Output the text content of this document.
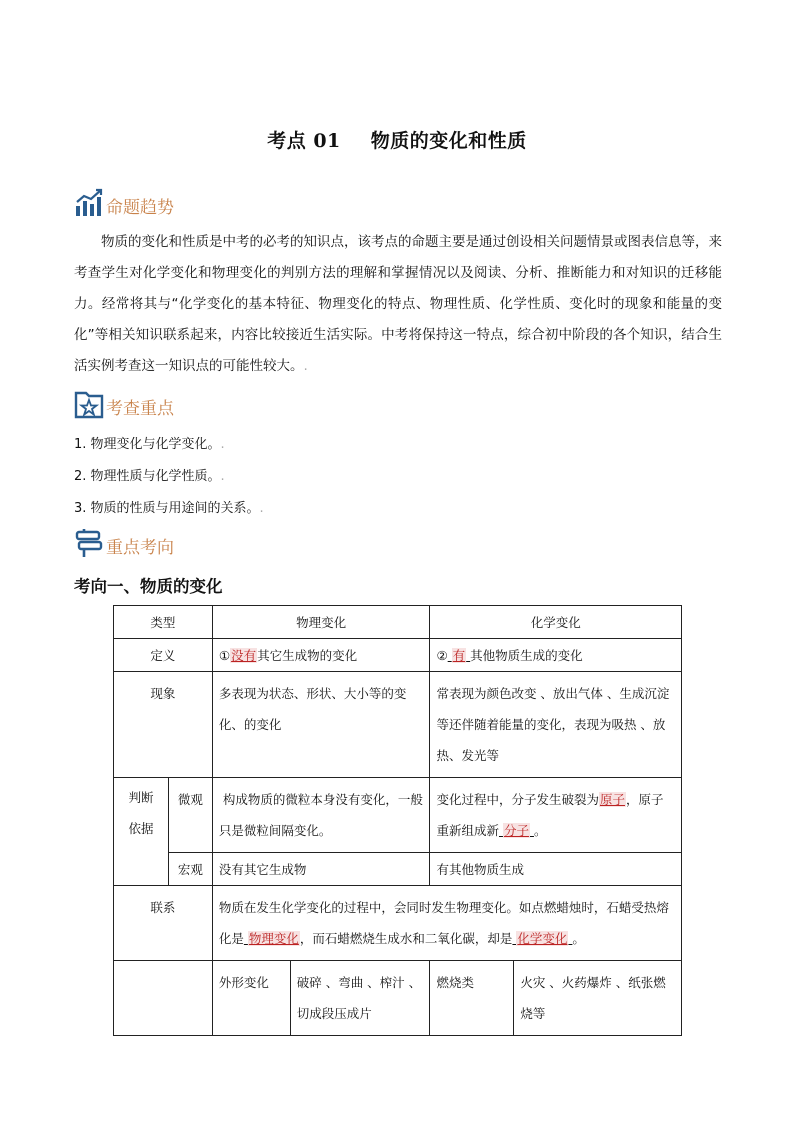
考点 01 物质的变化和性质
命题趋势
物质的变化和性质是中考的必考的知识点，该考点的命题主要是通过创设相关问题情景或图表信息等，来考查学生对化学变化和物理变化的判别方法的理解和掌握情况以及阅读、分析、推断能力和对知识的迁移能力。经常将其与“化学变化的基本特征、物理变化的特点、物理性质、化学性质、变化时的现象和能量的变化”等相关知识联系起来，内容比较接近生活实际。中考将保持这一特点，综合初中阶段的各个知识，结合生活实例考查这一知识点的可能性较大。.
考查重点
1. 物理变化与化学变化。.
2. 物理性质与化学性质。.
3. 物质的性质与用途间的关系。.
重点考向
考向一、物质的变化
类型		物理变化		化学变化	
定义		①没有其它生成物的变化		② 有 其他物质生成的变化	
现象		多表现为状态、形状、大小等的变化、的变化		常表现为颜色改变 、放出气体 、生成沉淀等还伴随着能量的变化，表现为吸热 、放热、发光等	
判断
依据	微观	构成物质的微粒本身没有变化，一般只是微粒间隔变化。		变化过程中，分子发生破裂为原子，原子重新组成新 分子 。	
	宏观	没有其它生成物		有其他物质生成	
联系		物质在发生化学变化的过程中，会同时发生物理变化。如点燃蜡烛时，石蜡受热熔化是 物理变化，而石蜡燃烧生成水和二氧化碳，却是 化学变化 。			
		外形变化	破碎 、弯曲 、榨汁 、切成段压成片	燃烧类	火灾 、火药爆炸 、纸张燃烧等
